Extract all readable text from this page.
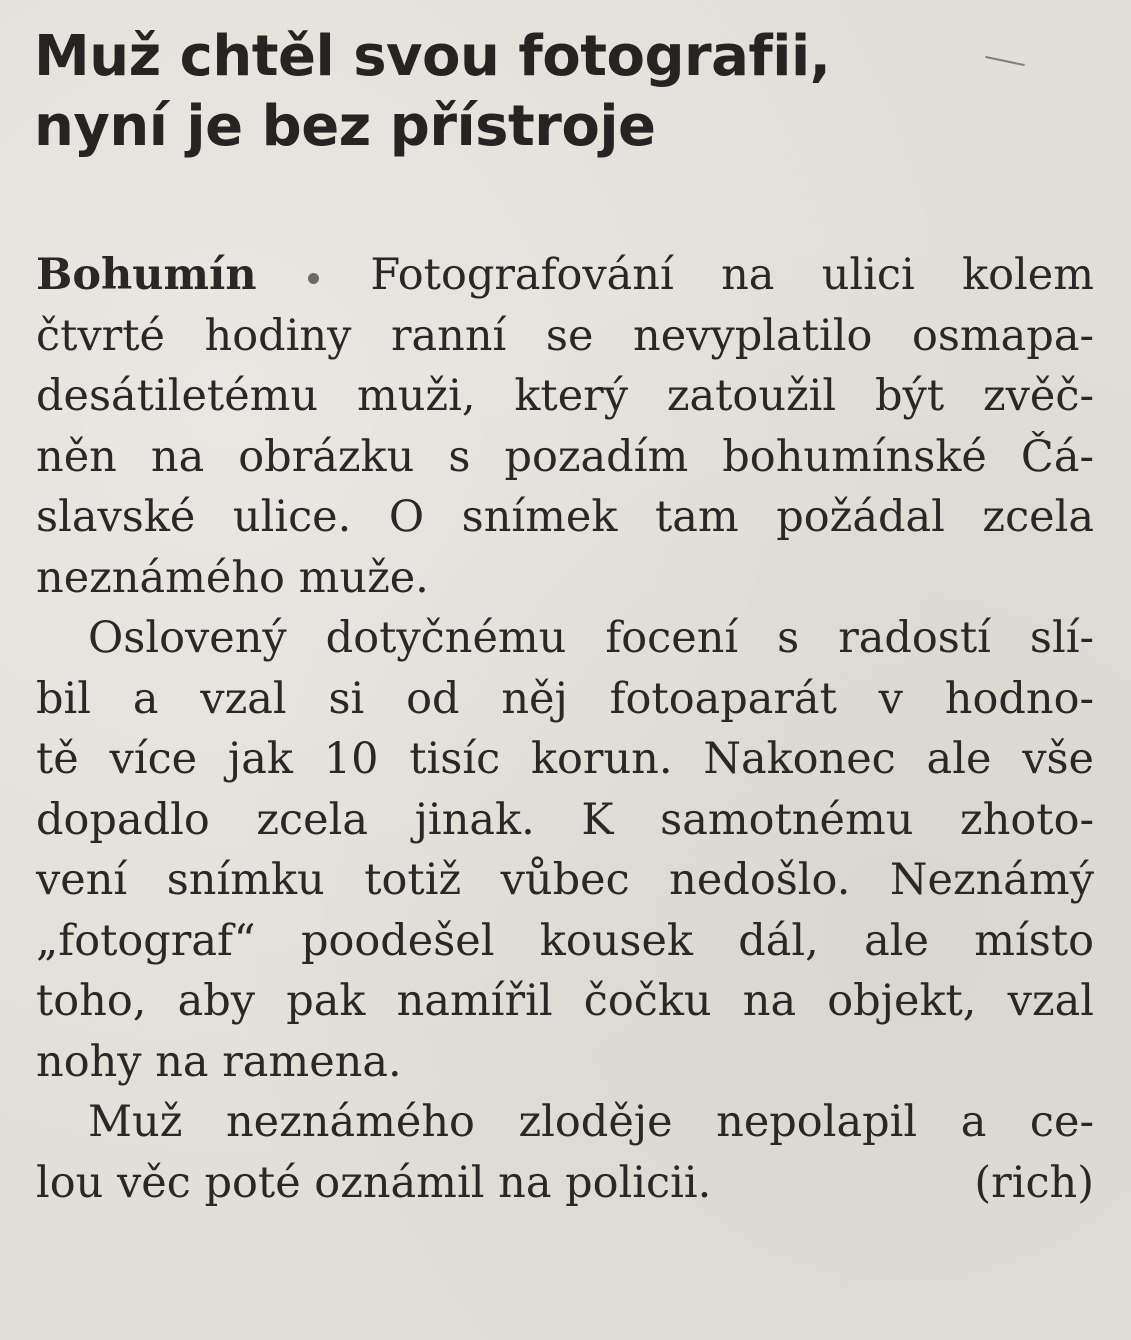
Muž chtěl svou fotografii,
nyní je bez přístroje
Bohumín	Fotografování na ulici kolem
čtvrté hodiny ranní se nevyplatilo osmapa-
desátiletému muži, který zatoužil být zvěč-
něn na obrázku s pozadím bohumínské Čá-
slavské ulice. O snímek tam požádal zcela
neznámého muže.
Oslovený dotyčnému focení s radostí slí-
bil a vzal si od něj fotoaparát v hodno-
tě více jak 10 tisíc korun. Nakonec ale vše
dopadlo zcela jinak. K samotnému zhoto-
vení snímku totiž vůbec nedošlo. Neznámý
„fotograf“ poodešel kousek dál, ale místo
toho, aby pak namířil čočku na objekt, vzal
nohy na ramena.
Muž neznámého zloděje nepolapil a ce-
lou věc poté oznámil na policii.	(rich)
